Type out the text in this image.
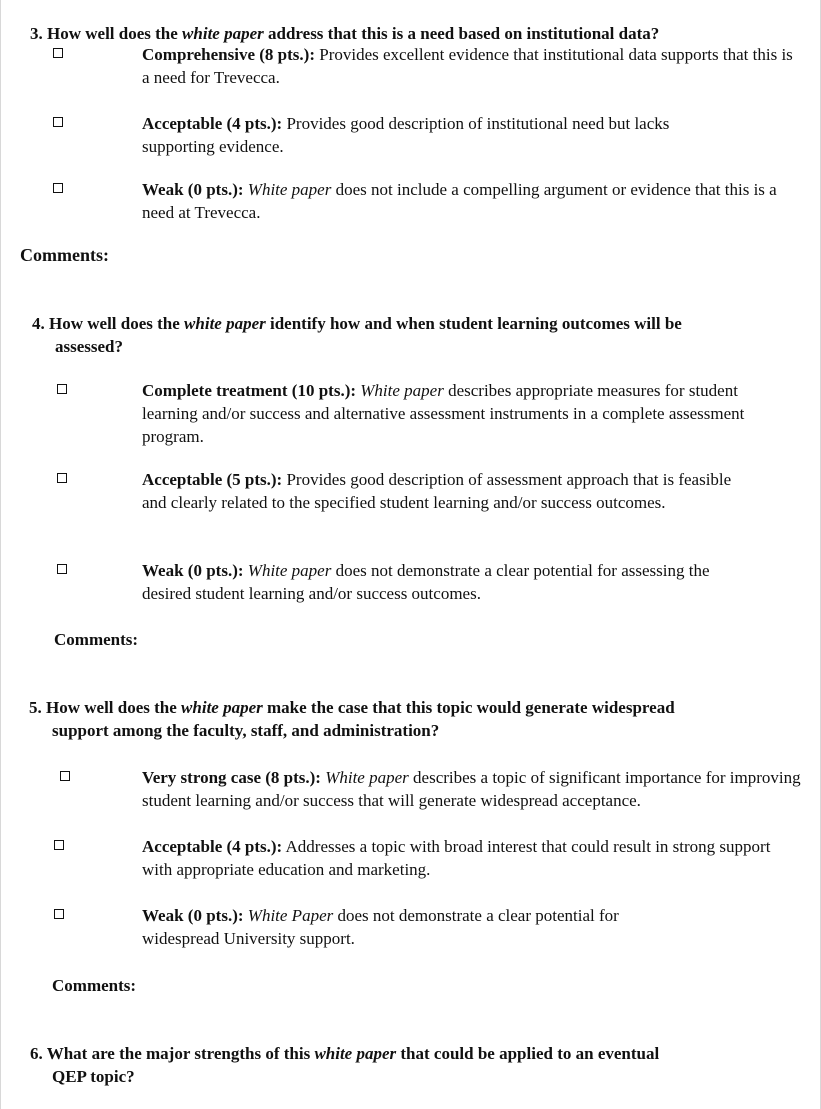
3. How well does the white paper address that this is a need based on institutional data?
Comprehensive (8 pts.): Provides excellent evidence that institutional data supports that this is a need for Trevecca.
Acceptable (4 pts.): Provides good description of institutional need but lacks supporting evidence.
Weak (0 pts.): White paper does not include a compelling argument or evidence that this is a need at Trevecca.
Comments:
4. How well does the white paper identify how and when student learning outcomes will be
assessed?
Complete treatment (10 pts.): White paper describes appropriate measures for student learning and/or success and alternative assessment instruments in a complete assessment program.
Acceptable (5 pts.): Provides good description of assessment approach that is feasible and clearly related to the specified student learning and/or success outcomes.
Weak (0 pts.): White paper does not demonstrate a clear potential for assessing the desired student learning and/or success outcomes.
Comments:
5. How well does the white paper make the case that this topic would generate widespread
support among the faculty, staff, and administration?
Very strong case (8 pts.): White paper describes a topic of significant importance for improving student learning and/or success that will generate widespread acceptance.
Acceptable (4 pts.): Addresses a topic with broad interest that could result in strong support with appropriate education and marketing.
Weak (0 pts.): White Paper does not demonstrate a clear potential for widespread University support.
Comments:
6. What are the major strengths of this white paper that could be applied to an eventual
QEP topic?
